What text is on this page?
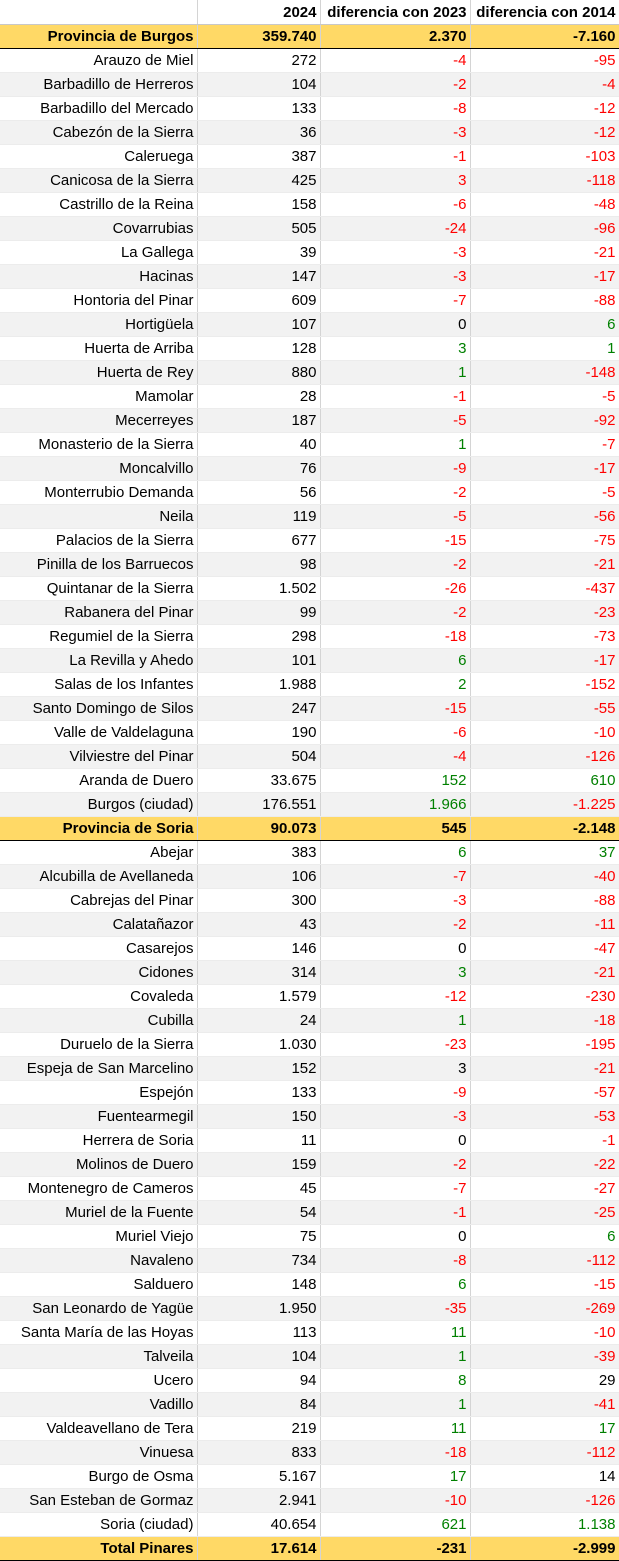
	2024	diferencia con 2023	diferencia con 2014
Provincia de Burgos	359.740	2.370	-7.160
Arauzo de Miel	272	-4	-95
Barbadillo de Herreros	104	-2	-4
Barbadillo del Mercado	133	-8	-12
Cabezón de la Sierra	36	-3	-12
Caleruega	387	-1	-103
Canicosa de la Sierra	425	3	-118
Castrillo de la Reina	158	-6	-48
Covarrubias	505	-24	-96
La Gallega	39	-3	-21
Hacinas	147	-3	-17
Hontoria del Pinar	609	-7	-88
Hortigüela	107	0	6
Huerta de Arriba	128	3	1
Huerta de Rey	880	1	-148
Mamolar	28	-1	-5
Mecerreyes	187	-5	-92
Monasterio de la Sierra	40	1	-7
Moncalvillo	76	-9	-17
Monterrubio Demanda	56	-2	-5
Neila	119	-5	-56
Palacios de la Sierra	677	-15	-75
Pinilla de los Barruecos	98	-2	-21
Quintanar de la Sierra	1.502	-26	-437
Rabanera del Pinar	99	-2	-23
Regumiel de la Sierra	298	-18	-73
La Revilla y Ahedo	101	6	-17
Salas de los Infantes	1.988	2	-152
Santo Domingo de Silos	247	-15	-55
Valle de Valdelaguna	190	-6	-10
Vilviestre del Pinar	504	-4	-126
Aranda de Duero	33.675	152	610
Burgos (ciudad)	176.551	1.966	-1.225
Provincia de Soria	90.073	545	-2.148
Abejar	383	6	37
Alcubilla de Avellaneda	106	-7	-40
Cabrejas del Pinar	300	-3	-88
Calatañazor	43	-2	-11
Casarejos	146	0	-47
Cidones	314	3	-21
Covaleda	1.579	-12	-230
Cubilla	24	1	-18
Duruelo de la Sierra	1.030	-23	-195
Espeja de San Marcelino	152	3	-21
Espejón	133	-9	-57
Fuentearmegil	150	-3	-53
Herrera de Soria	11	0	-1
Molinos de Duero	159	-2	-22
Montenegro de Cameros	45	-7	-27
Muriel de la Fuente	54	-1	-25
Muriel Viejo	75	0	6
Navaleno	734	-8	-112
Salduero	148	6	-15
San Leonardo de Yagüe	1.950	-35	-269
Santa María de las Hoyas	113	11	-10
Talveila	104	1	-39
Ucero	94	8	29
Vadillo	84	1	-41
Valdeavellano de Tera	219	11	17
Vinuesa	833	-18	-112
Burgo de Osma	5.167	17	14
San Esteban de Gormaz	2.941	-10	-126
Soria (ciudad)	40.654	621	1.138
Total Pinares	17.614	-231	-2.999
